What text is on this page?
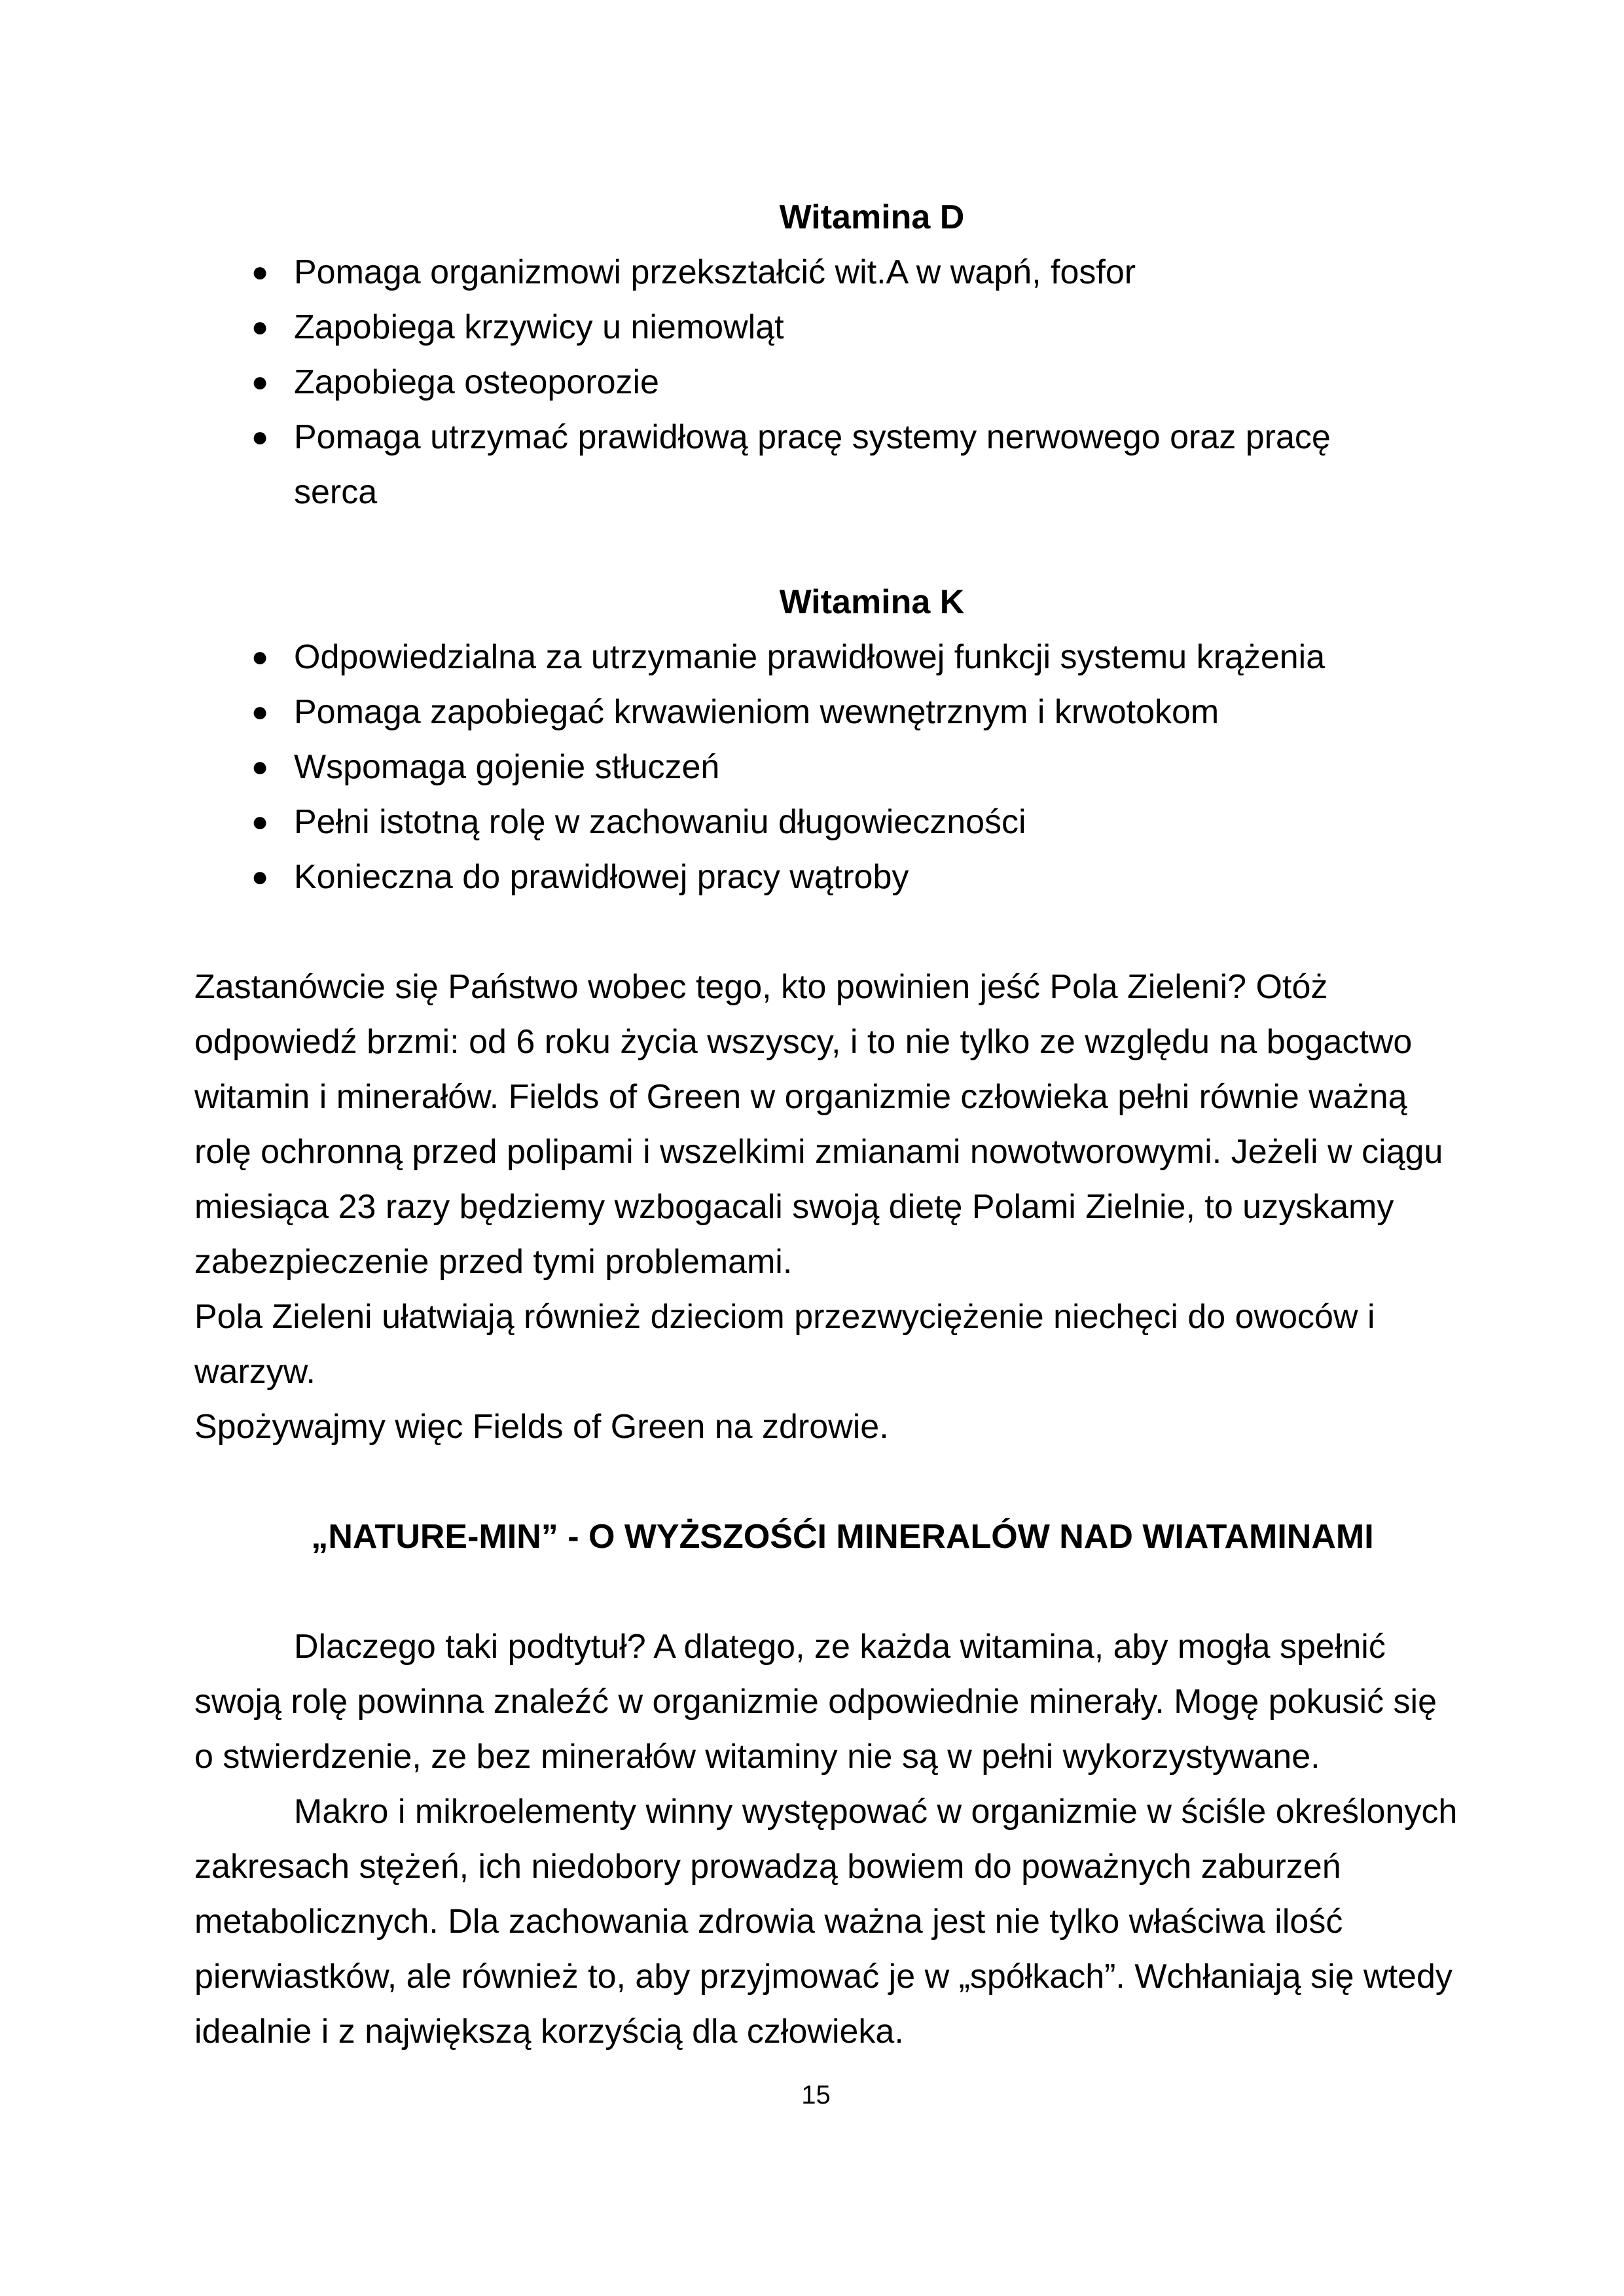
Witamina D
● Pomaga organizmowi przekształcić wit.A w wapń, fosfor
● Zapobiega krzywicy u niemowląt
● Zapobiega osteoporozie
● Pomaga utrzymać prawidłową pracę systemy nerwowego oraz pracę serca
Witamina K
● Odpowiedzialna za utrzymanie prawidłowej funkcji systemu krążenia
● Pomaga zapobiegać krwawieniom wewnętrznym i krwotokom
● Wspomaga gojenie stłuczeń
● Pełni istotną rolę w zachowaniu długowieczności
● Konieczna do prawidłowej pracy wątroby

Zastanówcie się Państwo wobec tego, kto powinien jeść Pola Zieleni? Otóż odpowiedź brzmi: od 6 roku życia wszyscy, i to nie tylko ze względu na bogactwo witamin i minerałów. Fields of Green w organizmie człowieka pełni równie ważną rolę ochronną przed polipami i wszelkimi zmianami nowotworowymi. Jeżeli w ciągu miesiąca 23 razy będziemy wzbogacali swoją dietę Polami Zielnie, to uzyskamy zabezpieczenie przed tymi problemami.

Pola Zieleni ułatwiają również dzieciom przezwyciężenie niechęci do owoców i warzyw.

Spożywajmy więc Fields of Green na zdrowie.

„NATURE-MIN” - O WYŻSZOŚĆI MINERALÓW NAD WIATAMINAMI

Dlaczego taki podtytuł? A dlatego, ze każda witamina, aby mogła spełnić swoją rolę powinna znaleźć w organizmie odpowiednie minerały. Mogę pokusić się o stwierdzenie, ze bez minerałów witaminy nie są w pełni wykorzystywane.

Makro i mikroelementy winny występować w organizmie w ściśle określonych zakresach stężeń, ich niedobory prowadzą bowiem do poważnych zaburzeń metabolicznych. Dla zachowania zdrowia ważna jest nie tylko właściwa ilość pierwiastków, ale również to, aby przyjmować je w „spółkach”. Wchłaniają się wtedy idealnie i z największą korzyścią dla człowieka.

15
